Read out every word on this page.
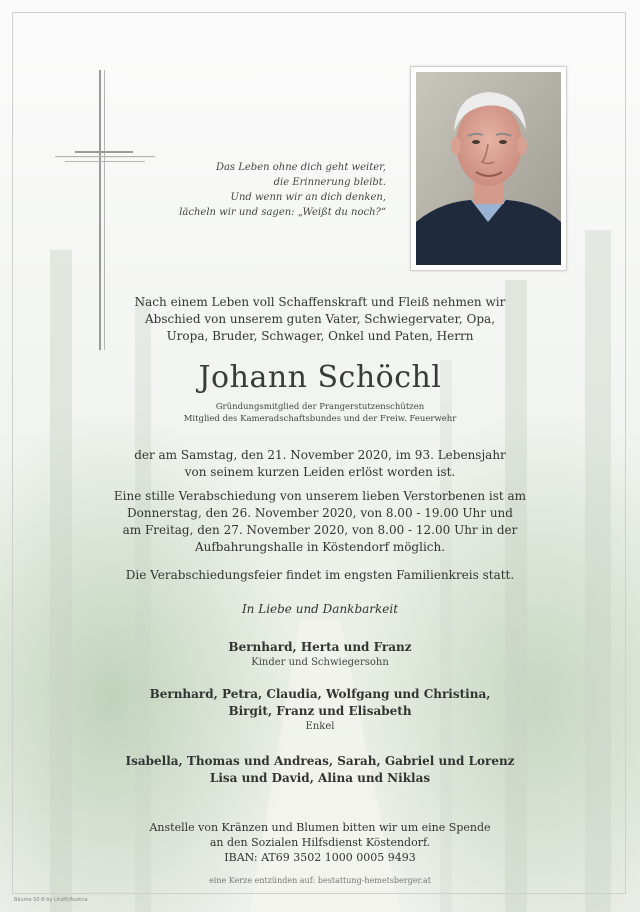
Das Leben ohne dich geht weiter,
die Erinnerung bleibt.
Und wenn wir an dich denken,
lächeln wir und sagen: „Weißt du noch?“
Nach einem Leben voll Schaffenskraft und Fleiß nehmen wir
Abschied von unserem guten Vater, Schwiegervater, Opa,
Uropa, Bruder, Schwager, Onkel und Paten, Herrn
Johann Schöchl
Gründungsmitglied der Prangerstutzenschützen
Mitglied des Kameradschaftsbundes und der Freiw. Feuerwehr
der am Samstag, den 21. November 2020, im 93. Lebensjahr
von seinem kurzen Leiden erlöst worden ist.
Eine stille Verabschiedung von unserem lieben Verstorbenen ist am
Donnerstag, den 26. November 2020, von 8.00 - 19.00 Uhr und
am Freitag, den 27. November 2020, von 8.00 - 12.00 Uhr in der
Aufbahrungshalle in Köstendorf möglich.
Die Verabschiedungsfeier findet im engsten Familienkreis statt.
In Liebe und Dankbarkeit
Bernhard, Herta und Franz
Kinder und Schwiegersohn
Bernhard, Petra, Claudia, Wolfgang und Christina,
Birgit, Franz und Elisabeth
Enkel
Isabella, Thomas und Andreas, Sarah, Gabriel und Lorenz
Lisa und David, Alina und Niklas
Anstelle von Kränzen und Blumen bitten wir um eine Spende
an den Sozialen Hilfsdienst Köstendorf.
IBAN: AT69 3502 1000 0005 9493
eine Kerze entzünden auf: bestattung-hemetsberger.at
Bäume 50-B by Litaflt/Austria
